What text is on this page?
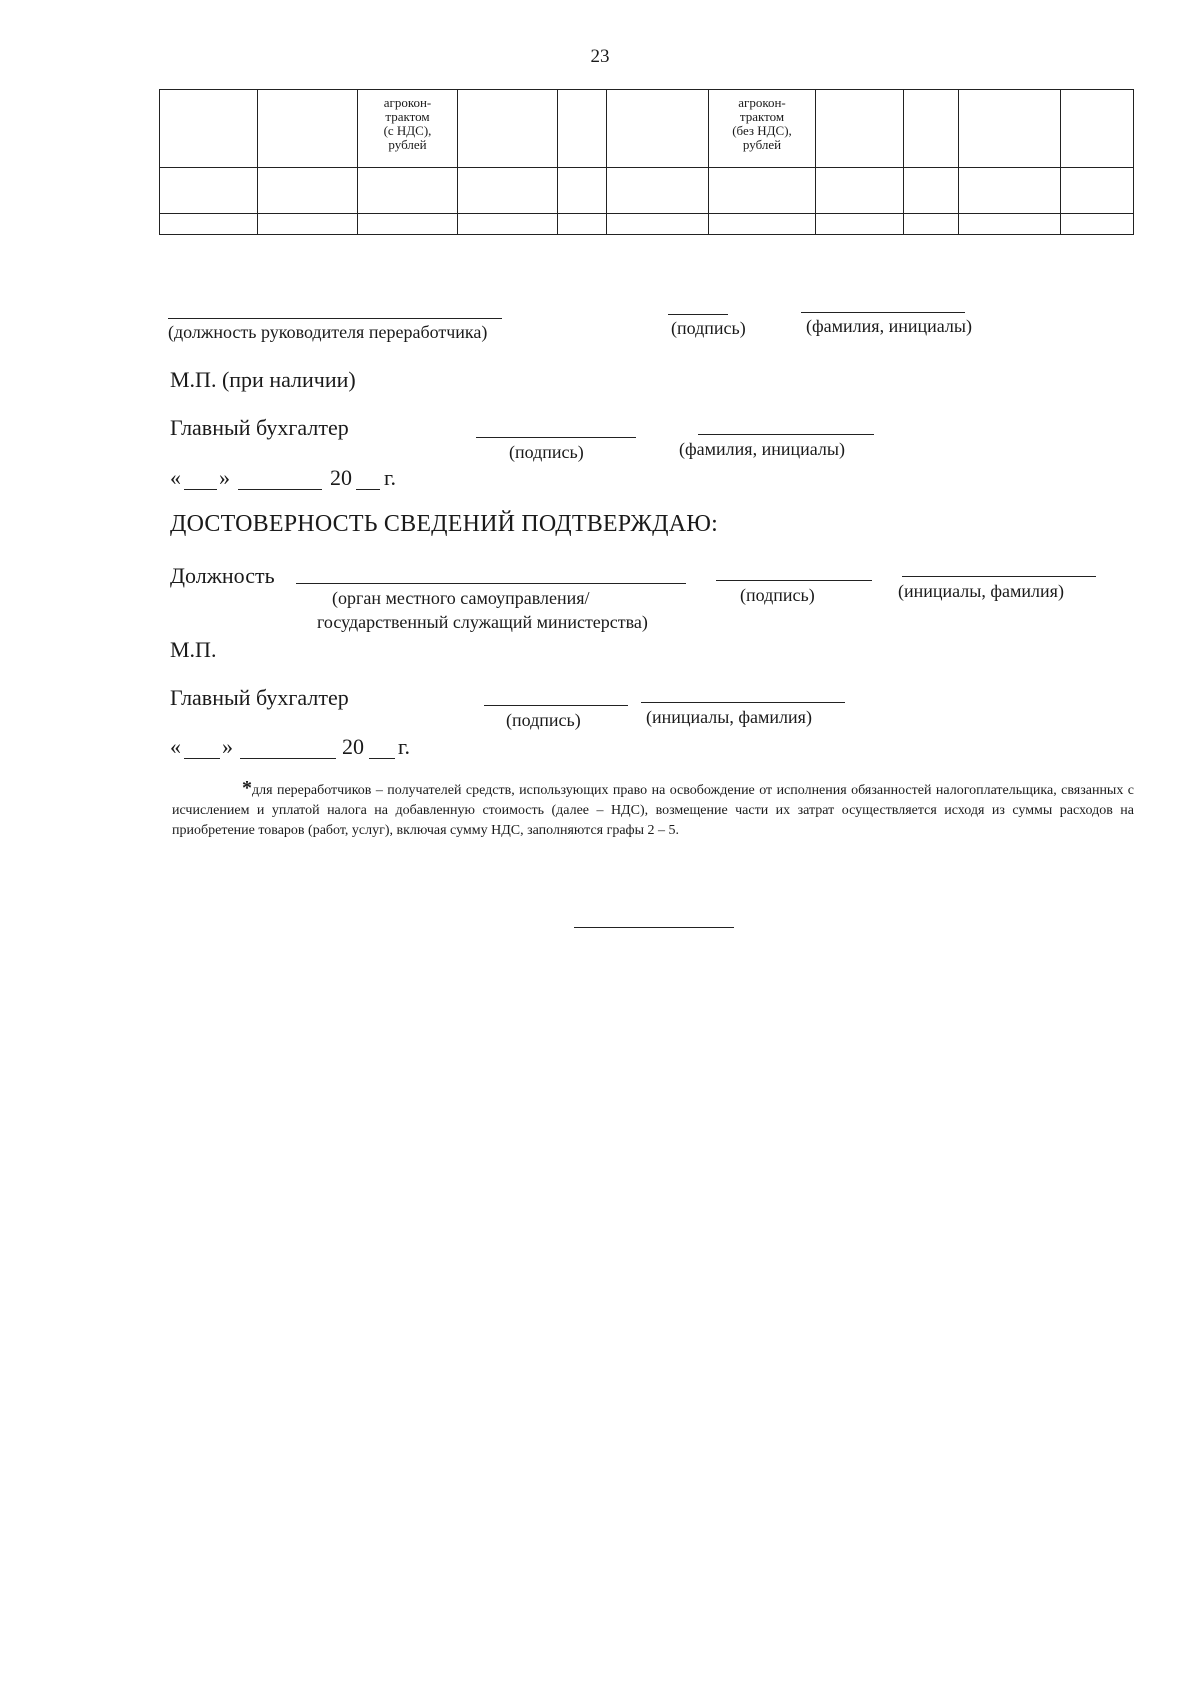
23

		агрокон-
трактом
(с НДС),
рублей				агрокон-
трактом
(без НДС),
рублей				

(должность руководителя переработчика)	(подпись)	(фамилия, инициалы)
М.П. (при наличии)
Главный бухгалтер
(подпись)	(фамилия, инициалы)
« »	20 г.
ДОСТОВЕРНОСТЬ СВЕДЕНИЙ ПОДТВЕРЖДАЮ:
Должность
(орган местного самоуправления/
государственный служащий министерства)
(подпись)	(инициалы, фамилия)
М.П.
Главный бухгалтер
(подпись)	(инициалы, фамилия)
« »	20 г.
*для переработчиков – получателей средств, использующих право на освобождение от исполнения обязанностей налогоплательщика, связанных с исчислением и уплатой налога на добавленную стоимость (далее – НДС), возмещение части их затрат осуществляется исходя из суммы расходов на приобретение товаров (работ, услуг), включая сумму НДС, заполняются графы 2 – 5.
